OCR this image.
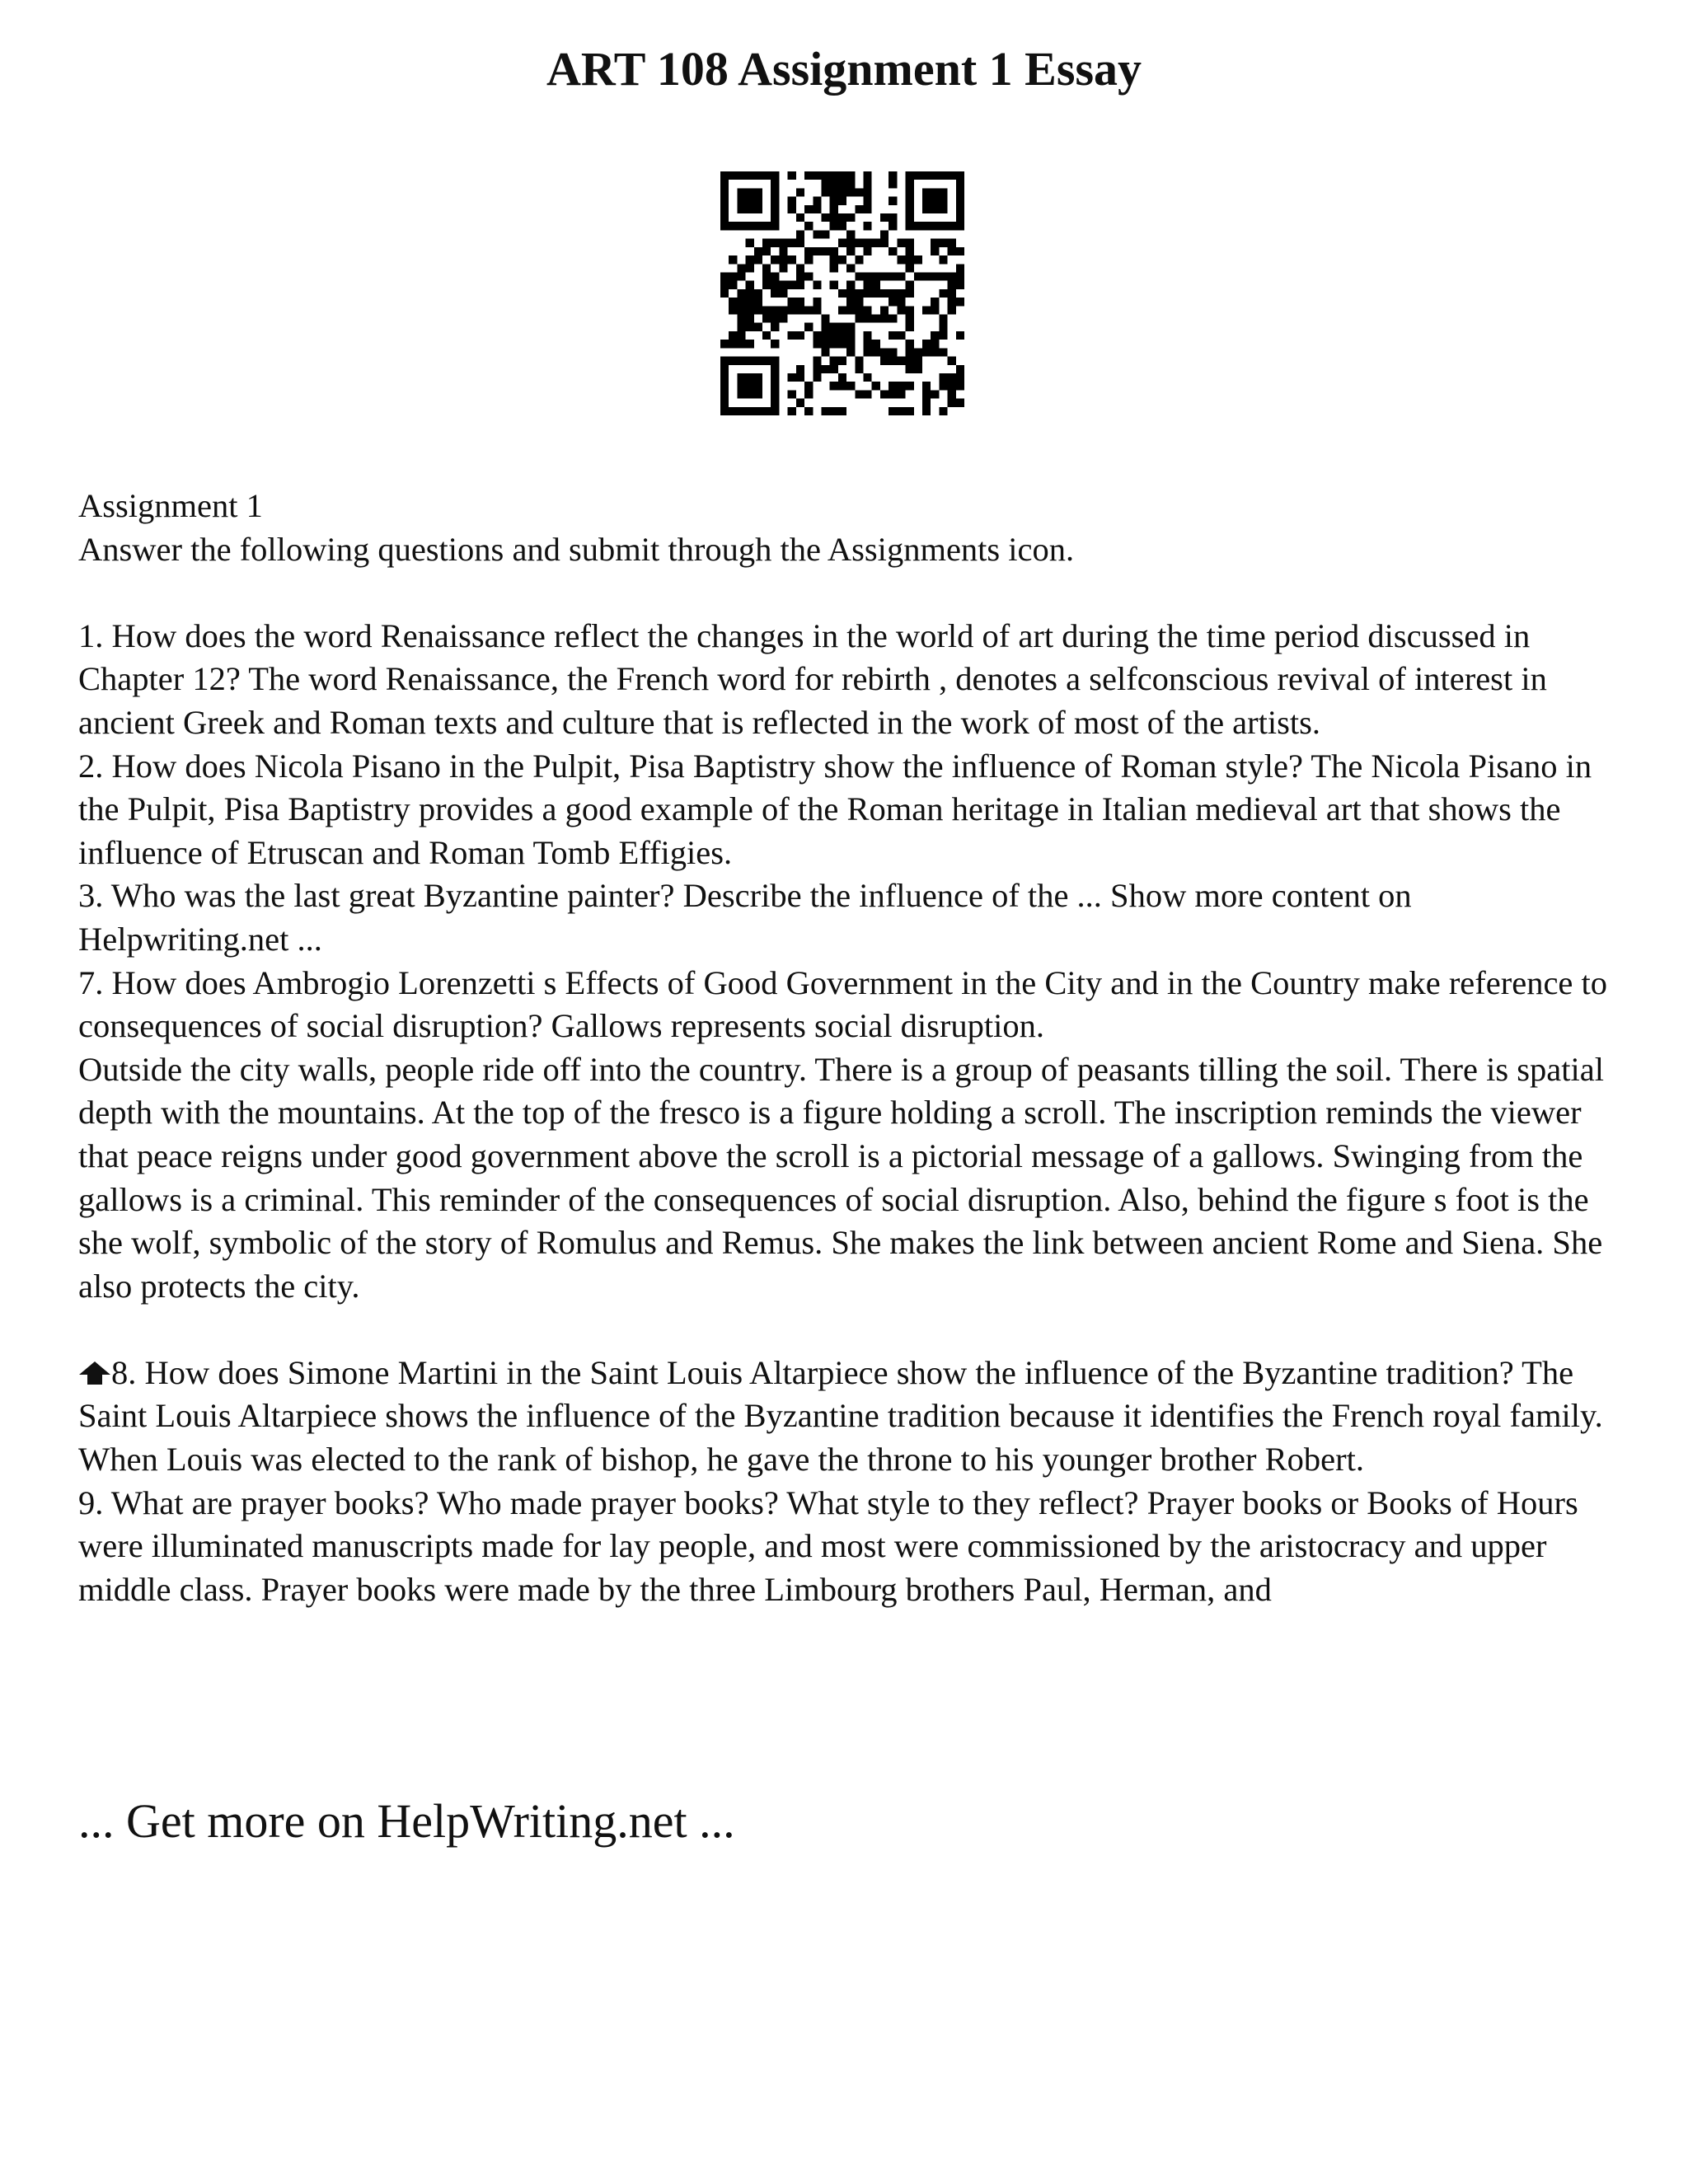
ART 108 Assignment 1 Essay

Assignment 1

Answer the following questions and submit through the Assignments icon.

1. How does the word Renaissance reflect the changes in the world of art during the time period discussed in Chapter 12? The word Renaissance, the French word for rebirth , denotes a selfconscious revival of interest in ancient Greek and Roman texts and culture that is reflected in the work of most of the artists.

2. How does Nicola Pisano in the Pulpit, Pisa Baptistry show the influence of Roman style? The Nicola Pisano in the Pulpit, Pisa Baptistry provides a good example of the Roman heritage in Italian medieval art that shows the influence of Etruscan and Roman Tomb Effigies.

3. Who was the last great Byzantine painter? Describe the influence of the ... Show more content on Helpwriting.net ...

7. How does Ambrogio Lorenzetti s Effects of Good Government in the City and in the Country make reference to consequences of social disruption? Gallows represents social disruption.

Outside the city walls, people ride off into the country. There is a group of peasants tilling the soil. There is spatial depth with the mountains. At the top of the fresco is a figure holding a scroll. The inscription reminds the viewer that peace reigns under good government above the scroll is a pictorial message of a gallows. Swinging from the gallows is a criminal. This reminder of the consequences of social disruption. Also, behind the figure s foot is the she wolf, symbolic of the story of Romulus and Remus. She makes the link between ancient Rome and Siena. She also protects the city.

8. How does Simone Martini in the Saint Louis Altarpiece show the influence of the Byzantine tradition? The Saint Louis Altarpiece shows the influence of the Byzantine tradition because it identifies the French royal family. When Louis was elected to the rank of bishop, he gave the throne to his younger brother Robert.

9. What are prayer books? Who made prayer books? What style to they reflect? Prayer books or Books of Hours were illuminated manuscripts made for lay people, and most were commissioned by the aristocracy and upper middle class. Prayer books were made by the three Limbourg brothers Paul, Herman, and

... Get more on HelpWriting.net ...
